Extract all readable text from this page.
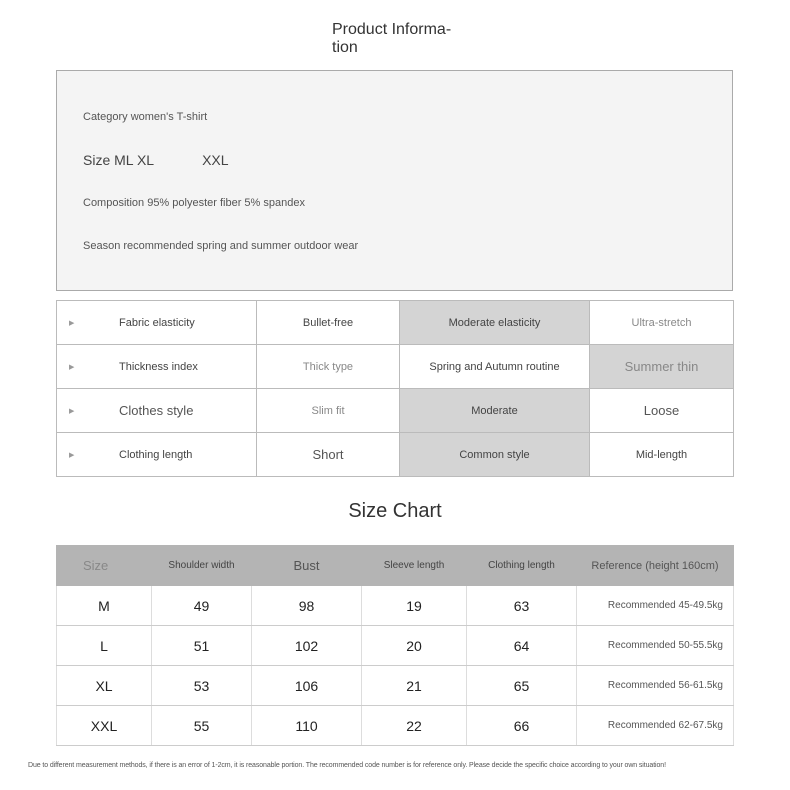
Product Informa-
tion
Category women's T-shirt
Size ML XL	XXL
Composition 95% polyester fiber 5% spandex
Season recommended spring and summer outdoor wear
▶ Fabric elasticity	Bullet-free	Moderate elasticity	Ultra-stretch

▶ Thickness index	Thick type	Spring and Autumn routine	Summer thin

▶ Clothes style	Slim fit	Moderate	Loose

▶ Clothing length	Short	Common style	Mid-length
Size Chart
Size	Shoulder width	Bust	Sleeve length	Clothing length	Reference (height 160cm)
M	49	98	19	63	Recommended 45-49.5kg
L	51	102	20	64	Recommended 50-55.5kg
XL	53	106	21	65	Recommended 56-61.5kg
XXL	55	110	22	66	Recommended 62-67.5kg
Due to different measurement methods, if there is an error of 1-2cm, it is reasonable portion. The recommended code number is for reference only. Please decide the specific choice according to your own situation!
